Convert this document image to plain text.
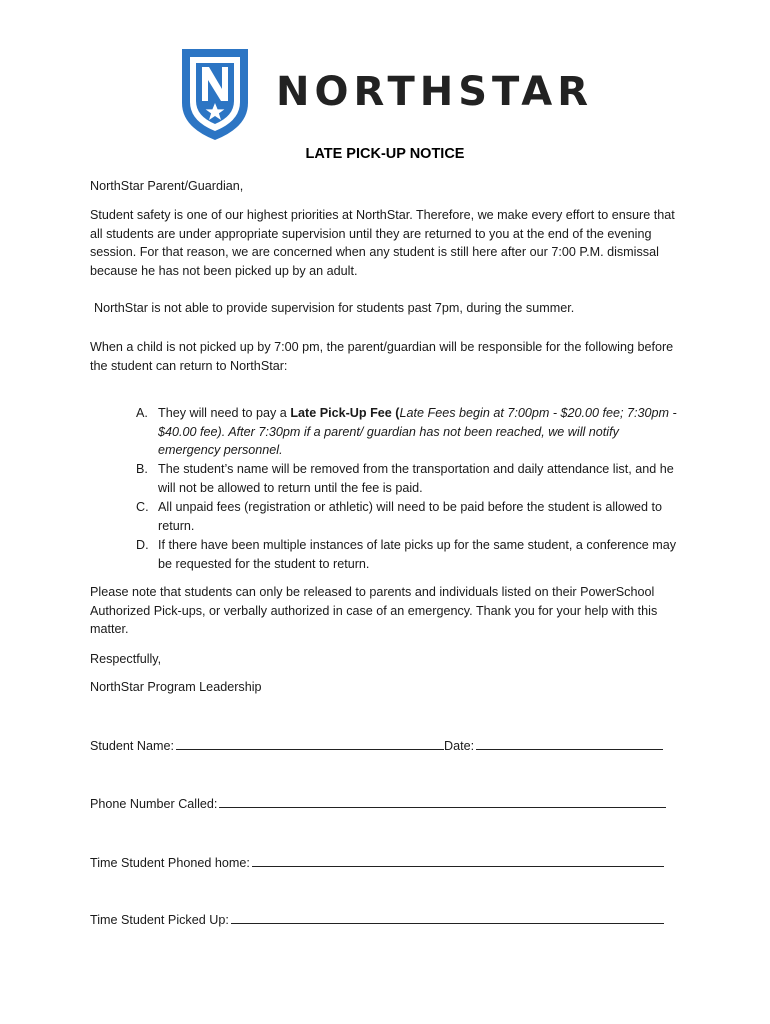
NORTHSTAR
LATE PICK-UP NOTICE
NorthStar Parent/Guardian,
Student safety is one of our highest priorities at NorthStar. Therefore, we make every effort to ensure that all students are under appropriate supervision until they are returned to you at the end of the evening session. For that reason, we are concerned when any student is still here after our 7:00 P.M. dismissal because he has not been picked up by an adult.
NorthStar is not able to provide supervision for students past 7pm, during the summer.
When a child is not picked up by 7:00 pm, the parent/guardian will be responsible for the following before the student can return to NorthStar:
A. They will need to pay a Late Pick-Up Fee (Late Fees begin at 7:00pm - $20.00 fee; 7:30pm - $40.00 fee). After 7:30pm if a parent/ guardian has not been reached, we will notify emergency personnel.
B. The student’s name will be removed from the transportation and daily attendance list, and he will not be allowed to return until the fee is paid.
C. All unpaid fees (registration or athletic) will need to be paid before the student is allowed to return.
D. If there have been multiple instances of late picks up for the same student, a conference may be requested for the student to return.
Please note that students can only be released to parents and individuals listed on their PowerSchool Authorized Pick-ups, or verbally authorized in case of an emergency. Thank you for your help with this matter.
Respectfully,
NorthStar Program Leadership
Student Name:	Date:
Phone Number Called:
Time Student Phoned home:
Time Student Picked Up:
